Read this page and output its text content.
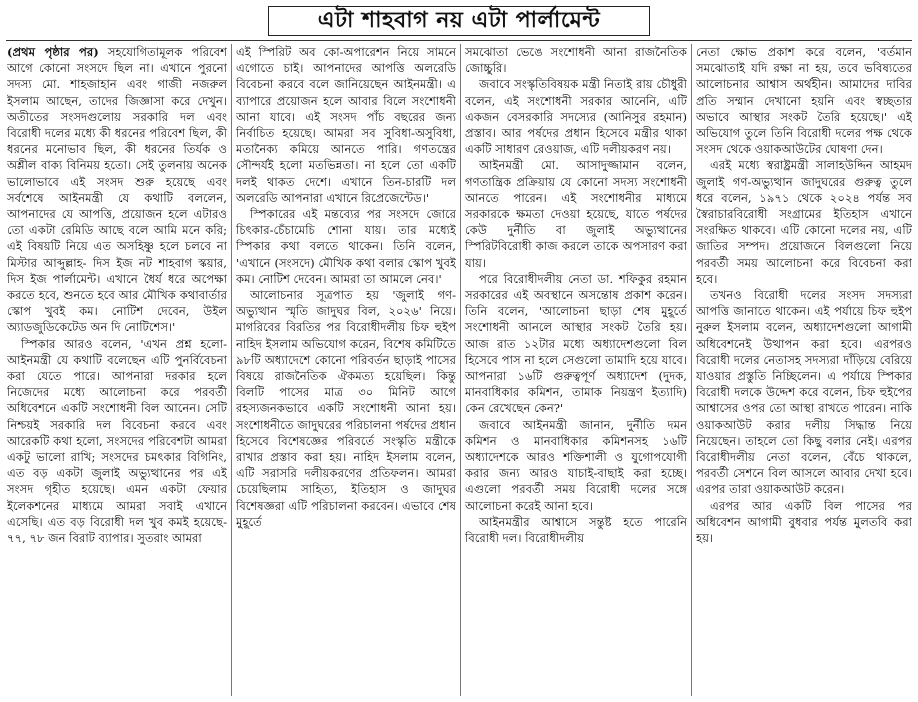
এটা শাহবাগ নয় এটা পার্লামেন্ট

(প্রথম পৃষ্ঠার পর) সহযোগিতামূলক পরিবেশ আগে কোনো সংসদে ছিল না। এখানে পুরনো সদস্য মো. শাহজাহান এবং গাজী নজরুল ইসলাম আছেন, তাদের জিজ্ঞাসা করে দেখুন। অতীতের সংসদগুলোয় সরকারি দল এবং বিরোধী দলের মধ্যে কী ধরনের পরিবেশ ছিল, কী ধরনের মনোভাব ছিল, কী ধরনের তির্যক ও অশ্লীল বাক্য বিনিময় হতো। সেই তুলনায় অনেক ভালোভাবে এই সংসদ শুরু হয়েছে এবং সর্বশেষে আইনমন্ত্রী যে কথাটি বললেন, আপনাদের যে আপত্তি, প্রয়োজন হলে এটারও তো একটা রেমিডি আছে বলে আমি মনে করি; এই বিষয়টি নিয়ে এত অসহিষ্ণু হলে চলবে না মিস্টার আব্দুল্লাহ- দিস ইজ নট শাহবাগ স্কয়ার, দিস ইজ পার্লামেন্ট। এখানে ধৈর্য ধরে অপেক্ষা করতে হবে, শুনতে হবে আর মৌখিক কথাবার্তার স্কোপ খুবই কম। নোটিশ দেবেন, উইল অ্যাডজুডিকেটেড অন দি নোটিশেস।'

স্পিকার আরও বলেন, 'এখন প্রশ্ন হলো- আইনমন্ত্রী যে কথাটি বলেছেন এটি পুনর্বিবেচনা করা যেতে পারে। আপনারা দরকার হলে নিজেদের মধ্যে আলোচনা করে পরবর্তী অধিবেশনে একটি সংশোধনী বিল আনেন। সেটি নিশ্চয়ই সরকারি দল বিবেচনা করবে এবং আরেকটি কথা হলো, সংসদের পরিবেশটা আমরা একটু ভালো রাখি; সংসদের চমৎকার বিগিনিং, এত বড় একটা জুলাই অভ্যুত্থানের পর এই সংসদ গৃহীত হয়েছে। এমন একটা ফেয়ার ইলেকশনের মাধ্যমে আমরা সবাই এখানে এসেছি। এত বড় বিরোধী দল খুব কমই হয়েছে- ৭৭, ৭৮ জন বিরাট ব্যাপার। সুতরাং আমরা

এই স্পিরিট অব কো-অপারেশন নিয়ে সামনে এগোতে চাই। আপনাদের আপত্তি অলরেডি বিবেচনা করবে বলে জানিয়েছেন আইনমন্ত্রী। এ ব্যাপারে প্রয়োজন হলে আবার বিলে সংশোধনী আনা যাবে। এই সংসদ পাঁচ বছরের জন্য নির্বাচিত হয়েছে। আমরা সব সুবিধা-অসুবিধা, মতানৈক্য কমিয়ে আনতে পারি। গণতন্ত্রের সৌন্দর্যই হলো মতভিন্নতা। না হলে তো একটি দলই থাকত দেশে। এখানে তিন-চারটি দল অলরেডি আপনারা এখানে রিপ্রেজেন্টেড।'

স্পিকারের এই মন্তব্যের পর সংসদে জোরে চিৎকার-চেঁচামেচি শোনা যায়। তার মধ্যেই স্পিকার কথা বলতে থাকেন। তিনি বলেন, 'এখানে (সংসদে) মৌখিক কথা বলার স্কোপ খুবই কম। নোটিশ দেবেন। আমরা তা আমলে নেব।'

আলোচনার সূত্রপাত হয় 'জুলাই গণ-অভ্যুত্থান স্মৃতি জাদুঘর বিল, ২০২৬' নিয়ে। মাগরিবের বিরতির পর বিরোধীদলীয় চিফ হুইপ নাহিদ ইসলাম অভিযোগ করেন, বিশেষ কমিটিতে ৯৮টি অধ্যাদেশে কোনো পরিবর্তন ছাড়াই পাসের বিষয়ে রাজনৈতিক ঐকমত্য হয়েছিল। কিন্তু বিলটি পাসের মাত্র ৩০ মিনিট আগে রহস্যজনকভাবে একটি সংশোধনী আনা হয়। সংশোধনীতে জাদুঘরের পরিচালনা পর্ষদের প্রধান হিসেবে বিশেষজ্ঞের পরিবর্তে সংস্কৃতি মন্ত্রীকে রাখার প্রস্তাব করা হয়। নাহিদ ইসলাম বলেন, এটি সরাসরি দলীয়করণের প্রতিফলন। আমরা চেয়েছিলাম সাহিত্য, ইতিহাস ও জাদুঘর বিশেষজ্ঞরা এটি পরিচালনা করবেন। এভাবে শেষ মুহূর্তে

সমঝোতা ভেঙে সংশোধনী আনা রাজনৈতিক জোচ্চুরি।

জবাবে সংস্কৃতিবিষয়ক মন্ত্রী নিতাই রায় চৌধুরী বলেন, এই সংশোধনী সরকার আনেনি, এটি একজন বেসরকারি সদস্যের (আনিসুর রহমান) প্রস্তাব। আর পর্ষদের প্রধান হিসেবে মন্ত্রীর থাকা একটি সাধারণ রেওয়াজ, এটি দলীয়করণ নয়।

আইনমন্ত্রী মো. আসাদুজ্জামান বলেন, গণতান্ত্রিক প্রক্রিয়ায় যে কোনো সদস্য সংশোধনী আনতে পারেন। এই সংশোধনীর মাধ্যমে সরকারকে ক্ষমতা দেওয়া হয়েছে, যাতে পর্ষদের কেউ দুর্নীতি বা জুলাই অভ্যুত্থানের স্পিরিটবিরোধী কাজ করলে তাকে অপসারণ করা যায়।

পরে বিরোধীদলীয় নেতা ডা. শফিকুর রহমান সরকারের এই অবস্থানে অসন্তোষ প্রকাশ করেন। তিনি বলেন, 'আলোচনা ছাড়া শেষ মুহূর্তে সংশোধনী আনলে আস্থার সংকট তৈরি হয়। আজ রাত ১২টার মধ্যে অধ্যাদেশগুলো বিল হিসেবে পাস না হলে সেগুলো তামাদি হয়ে যাবে। আপনারা ১৬টি গুরুত্বপূর্ণ অধ্যাদেশ (দুদক, মানবাধিকার কমিশন, তামাক নিয়ন্ত্রণ ইত্যাদি) কেন রেখেছেন কেন?'

জবাবে আইনমন্ত্রী জানান, দুর্নীতি দমন কমিশন ও মানবাধিকার কমিশনসহ ১৬টি অধ্যাদেশকে আরও শক্তিশালী ও যুগোপযোগী করার জন্য আরও যাচাই-বাছাই করা হচ্ছে। এগুলো পরবর্তী সময় বিরোধী দলের সঙ্গে আলোচনা করেই আনা হবে।

আইনমন্ত্রীর আশ্বাসে সন্তুষ্ট হতে পারেনি বিরোধী দল। বিরোধীদলীয়

নেতা ক্ষোভ প্রকাশ করে বলেন, 'বর্তমান সমঝোতাই যদি রক্ষা না হয়, তবে ভবিষ্যতের আলোচনার আশ্বাস অর্থহীন। আমাদের দাবির প্রতি সম্মান দেখানো হয়নি এবং স্বচ্ছতার অভাবে আস্থার সংকট তৈরি হয়েছে।' এই অভিযোগ তুলে তিনি বিরোধী দলের পক্ষ থেকে সংসদ থেকে ওয়াকআউটের ঘোষণা দেন।

এরই মধ্যে স্বরাষ্ট্রমন্ত্রী সালাহউদ্দিন আহমদ জুলাই গণ-অভ্যুত্থান জাদুঘরের গুরুত্ব তুলে ধরে বলেন, ১৯৭১ থেকে ২০২৪ পর্যন্ত সব স্বৈরাচারবিরোধী সংগ্রামের ইতিহাস এখানে সংরক্ষিত থাকবে। এটি কোনো দলের নয়, এটি জাতির সম্পদ। প্রয়োজনে বিলগুলো নিয়ে পরবর্তী সময় আলোচনা করে বিবেচনা করা হবে।

তখনও বিরোধী দলের সংসদ সদস্যরা আপত্তি জানাতে থাকেন। এই পর্যায়ে চিফ হুইপ নুরুল ইসলাম বলেন, অধ্যাদেশগুলো আগামী অধিবেশনেই উত্থাপন করা হবে। এরপরও বিরোধী দলের নেতাসহ সদস্যরা দাঁড়িয়ে বেরিয়ে যাওয়ার প্রস্তুতি নিচ্ছিলেন। এ পর্যায়ে স্পিকার বিরোধী দলকে উদ্দেশ করে বলেন, চিফ হুইপের আশ্বাসের ওপর তো আস্থা রাখতে পারেন। নাকি ওয়াকআউট করার দলীয় সিদ্ধান্ত নিয়ে নিয়েছেন। তাহলে তো কিছু বলার নেই। এরপর বিরোধীদলীয় নেতা বলেন, বেঁচে থাকলে, পরবর্তী সেশনে বিল আসলে আবার দেখা হবে। এরপর তারা ওয়াকআউট করেন।

এরপর আর একটি বিল পাসের পর অধিবেশন আগামী বুধবার পর্যন্ত মুলতবি করা হয়।
